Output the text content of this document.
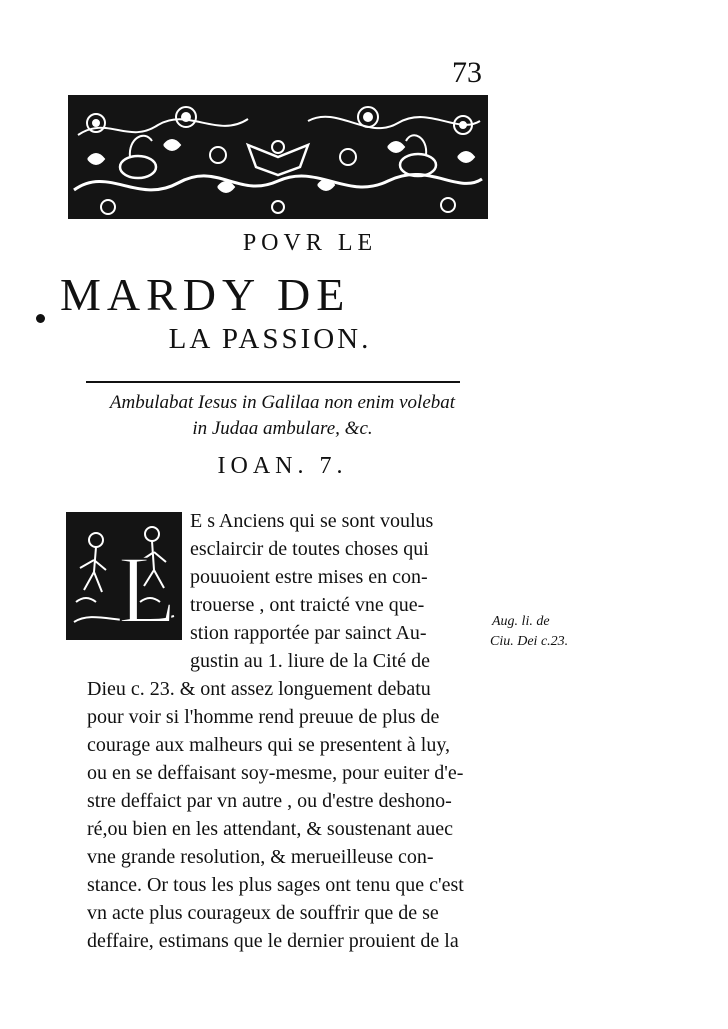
73
POVR LE
MARDY DE
LA PASSION.
Ambulabat Iesus in Galilaa non enim volebat
in Judaa ambulare, &c.
IOAN. 7.
L
E s Anciens qui se sont voulus
esclaircir de toutes choses qui
pouuoient estre mises en con-
trouerse , ont traicté vne que-
stion rapportée par sainct Au-
gustin au 1. liure de la Cité de
Dieu c. 23. & ont assez longuement debatu
pour voir si l'homme rend preuue de plus de
courage aux malheurs qui se presentent à luy,
ou en se deffaisant soy-mesme, pour euiter d'e-
stre deffaict par vn autre , ou d'estre deshono-
ré,ou bien en les attendant, & soustenant auec
vne grande resolution, & merueilleuse con-
stance. Or tous les plus sages ont tenu que c'est
vn acte plus courageux de souffrir que de se
deffaire, estimans que le dernier prouient de la
Aug. li. de
Ciu. Dei c.23.
